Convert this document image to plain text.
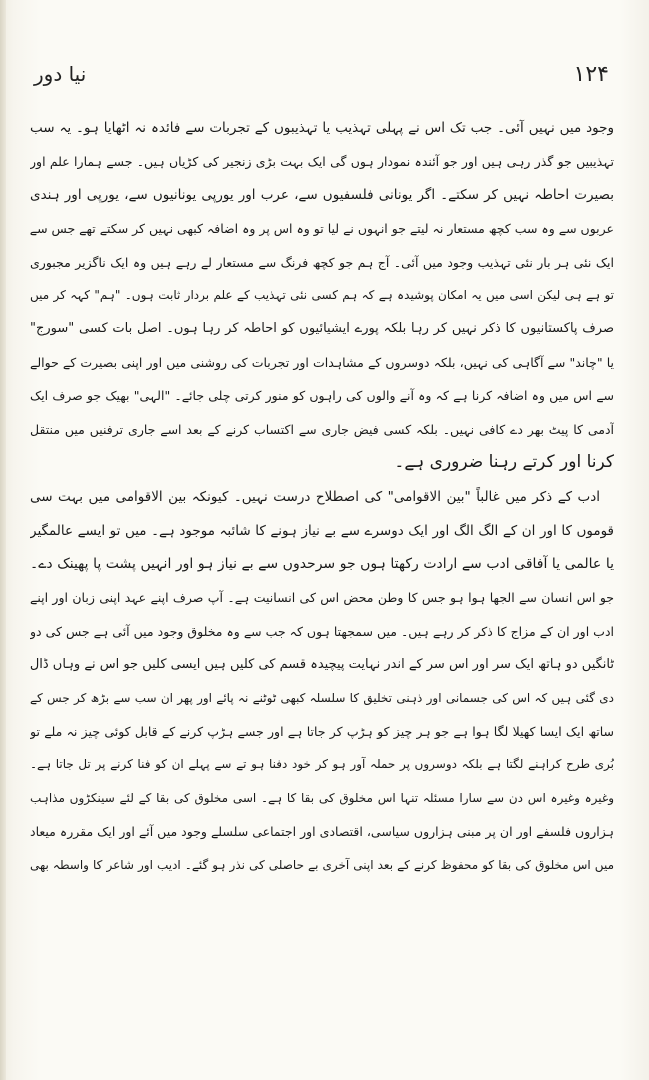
نیا دور	۱۲۴
وجود میں نہیں آئی۔ جب تک اس نے پہلی تہذیب یا تہذیبوں کے تجربات سے فائدہ نہ اٹھایا ہو۔ یہ سب
تہذیبیں جو گذر رہی ہیں اور جو آئندہ نمودار ہوں گی ایک بہت بڑی زنجیر کی کڑیاں ہیں۔ جسے ہمارا علم اور
بصیرت احاطہ نہیں کر سکتے۔ اگر یونانی فلسفیوں سے، عرب اور یورپی یونانیوں سے، یورپی اور ہندی
عربوں سے وہ سب کچھ مستعار نہ لیتے جو انہوں نے لیا تو وہ اس پر وہ اضافہ کبھی نہیں کر سکتے تھے جس سے
ایک نئی ہر بار نئی تہذیب وجود میں آئی۔ آج ہم جو کچھ فرنگ سے مستعار لے رہے ہیں وہ ایک ناگزیر مجبوری
تو ہے ہی لیکن اسی میں یہ امکان پوشیدہ ہے کہ ہم کسی نئی تہذیب کے علم بردار ثابت ہوں۔ "ہم" کہہ کر میں
صرف پاکستانیوں کا ذکر نہیں کر رہا بلکہ پورے ایشیائیوں کو احاطہ کر رہا ہوں۔ اصل بات کسی "سورج"
یا "چاند" سے آگاہی کی نہیں، بلکہ دوسروں کے مشاہدات اور تجربات کی روشنی میں اور اپنی بصیرت کے حوالے
سے اس میں وہ اضافہ کرنا ہے کہ وہ آنے والوں کی راہوں کو منور کرتی چلی جائے۔ "الہی" بھیک جو صرف ایک
آدمی کا پیٹ بھر دے کافی نہیں۔ بلکہ کسی فیض جاری سے اکتساب کرنے کے بعد اسے جاری ترفنیں میں منتقل
کرنا اور کرتے رہنا ضروری ہے۔
ادب کے ذکر میں غالباً "بین الاقوامی" کی اصطلاح درست نہیں۔ کیونکہ بین الاقوامی میں بہت سی
قوموں کا اور ان کے الگ الگ اور ایک دوسرے سے بے نیاز ہونے کا شائبہ موجود ہے۔ میں تو ایسے عالمگیر
یا عالمی یا آفاقی ادب سے ارادت رکھتا ہوں جو سرحدوں سے بے نیاز ہو اور انہیں پشت پا پھینک دے۔
جو اس انسان سے الجھا ہوا ہو جس کا وطن محض اس کی انسانیت ہے۔ آپ صرف اپنے عہد اپنی زبان اور اپنے
ادب اور ان کے مزاج کا ذکر کر رہے ہیں۔ میں سمجھتا ہوں کہ جب سے وہ مخلوق وجود میں آئی ہے جس کی دو
ٹانگیں دو ہاتھ ایک سر اور اس سر کے اندر نہایت پیچیدہ قسم کی کلیں ہیں ایسی کلیں جو اس نے وہاں ڈال
دی گئی ہیں کہ اس کی جسمانی اور ذہنی تخلیق کا سلسلہ کبھی ٹوٹنے نہ پائے اور پھر ان سب سے بڑھ کر جس کے
ساتھ ایک ایسا کھیلا لگا ہوا ہے جو ہر چیز کو ہڑپ کر جاتا ہے اور جسے ہڑپ کرنے کے قابل کوئی چیز نہ ملے تو
بُری طرح کراہنے لگتا ہے بلکہ دوسروں پر حملہ آور ہو کر خود دفنا ہو تے سے پہلے ان کو فنا کرنے پر تل جاتا ہے۔
وغیرہ وغیرہ اس دن سے سارا مسئلہ تنہا اس مخلوق کی بقا کا ہے۔ اسی مخلوق کی بقا کے لئے سینکڑوں مذاہب
ہزاروں فلسفے اور ان پر مبنی ہزاروں سیاسی، اقتصادی اور اجتماعی سلسلے وجود میں آئے اور ایک مقررہ میعاد
میں اس مخلوق کی بقا کو محفوظ کرنے کے بعد اپنی آخری بے حاصلی کی نذر ہو گئے۔ ادیب اور شاعر کا واسطہ بھی
